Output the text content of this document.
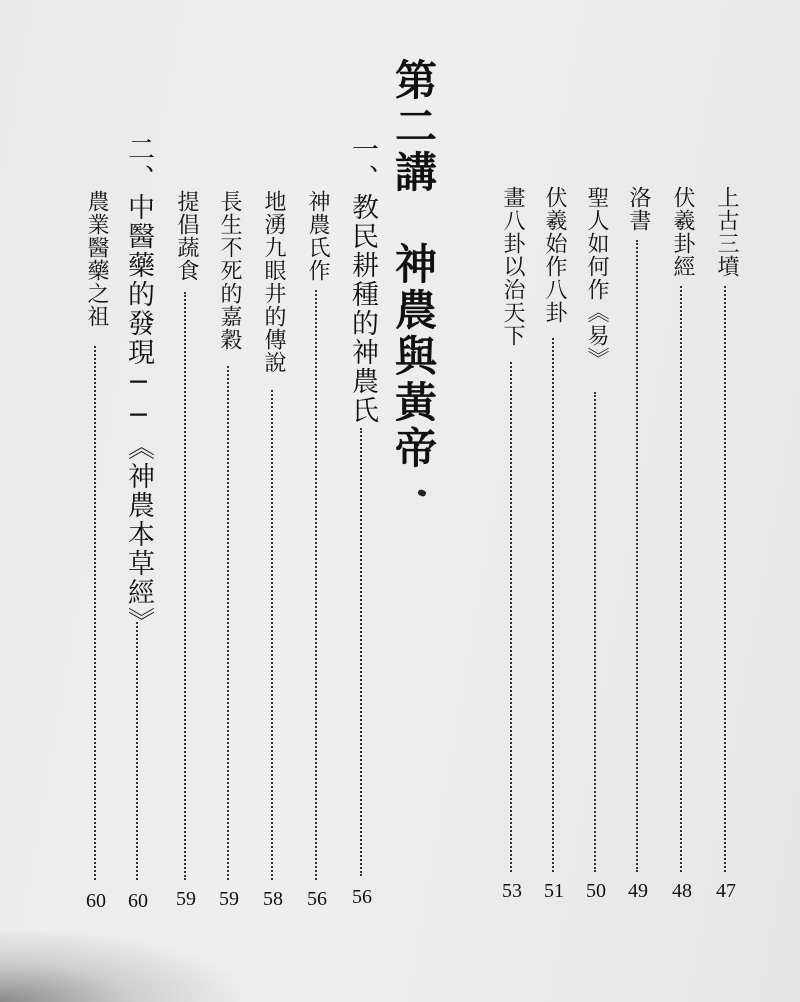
第二講　神農與黃帝	上古三墳
47
伏羲卦經
48
洛書
49
聖人如何作《易》
50
伏羲始作八卦
51
畫八卦以治天下
53
一、教民耕種的神農氏
56
神農氏作
56
地湧九眼井的傳說
58
長生不死的嘉穀
59
提倡蔬食
59
二、中醫藥的發現──《神農本草經》
60
農業醫藥之祖
60
